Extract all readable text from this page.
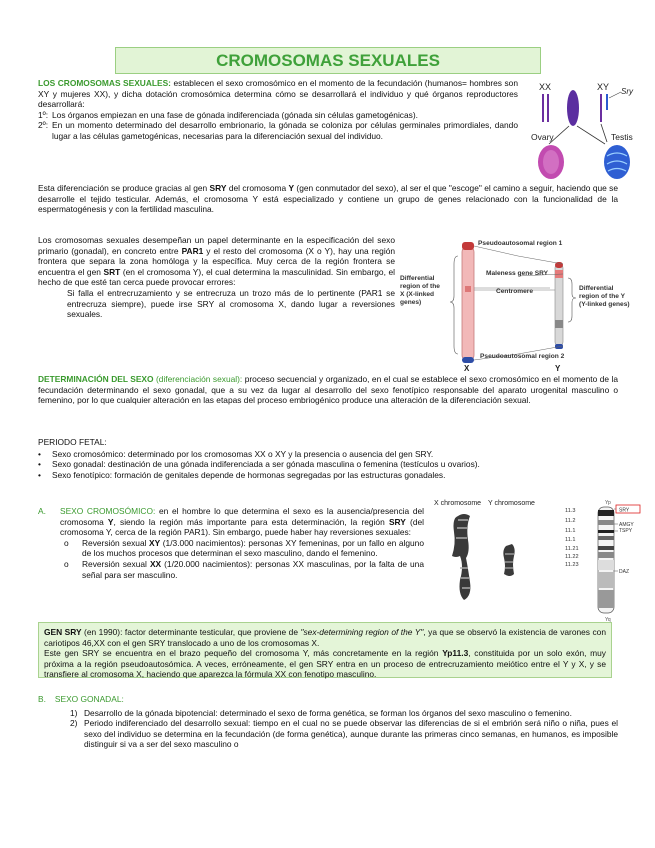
CROMOSOMAS SEXUALES

LOS CROMOSOMAS SEXUALES: establecen el sexo cromosómico en el momento de la fecundación (humanos= hombres son XY y mujeres XX), y dicha dotación cromosómica determina cómo se desarrollará el individuo y qué órganos reproductores desarrollará:

1º: Los órganos empiezan en una fase de gónada indiferenciada (gónada sin células gametogénicas).

2º: En un momento determinado del desarrollo embrionario, la gónada se coloniza por células germinales primordiales, dando lugar a las células gametogénicas, necesarias para la diferenciación sexual del individuo.

Esta diferenciación se produce gracias al gen SRY del cromosoma Y (gen conmutador del sexo), al ser el que "escoge" el camino a seguir, haciendo que se desarrolle el tejido testicular. Además, el cromosoma Y está especializado y contiene un grupo de genes relacionado con la funcionalidad de la espermatogénesis y con la fertilidad masculina.

XX	XY Sry
Ovary	Testis

Los cromosomas sexuales desempeñan un papel determinante en la especificación del sexo primario (gonadal), en concreto entre PAR1 y el resto del cromosoma (X o Y), hay una región frontera que separa la zona homóloga y la específica. Muy cerca de la región frontera se encuentra el gen SRT (en el cromosoma Y), el cual determina la masculinidad. Sin embargo, el hecho de que esté tan cerca puede provocar errores:

Si falla el entrecruzamiento y se entrecruza un trozo más de lo pertinente (PAR1 se entrecruza siempre), puede irse SRY al cromosoma X, dando lugar a reversiones sexuales.

Pseudoautosomal region 1
Maleness gene SRY
Centromere
Differential
region of the
X (X-linked
genes)
Differential
region of the Y
(Y-linked genes)
Pseudoautosomal region 2
X	Y

DETERMINACIÓN DEL SEXO (diferenciación sexual): proceso secuencial y organizado, en el cual se establece el sexo cromosómico en el momento de la fecundación determinando el sexo gonadal, que a su vez da lugar al desarrollo del sexo fenotípico responsable del aparato urogenital masculino o femenino, por lo que cualquier alteración en las etapas del proceso embriogénico produce una alteración de la diferenciación sexual.

PERIODO FETAL:

• Sexo cromosómico: determinado por los cromosomas XX o XY y la presencia o ausencia del gen SRY.

• Sexo gonadal: destinación de una gónada indiferenciada a ser gónada masculina o femenina (testículos u ovarios).

• Sexo fenotípico: formación de genitales depende de hormonas segregadas por las estructuras gonadales.

A. SEXO CROMOSÓMICO: en el hombre lo que determina el sexo es la ausencia/presencia del cromosoma Y, siendo la región más importante para esta determinación, la región SRY (del cromosoma Y, cerca de la región PAR1). Sin embargo, puede haber hay reversiones sexuales:

o Reversión sexual XY (1/3.000 nacimientos): personas XY femeninas, por un fallo en alguno de los muchos procesos que determinan el sexo masculino, dando el femenino.

o Reversión sexual XX (1/20.000 nacimientos): personas XX masculinas, por la falta de una señal para ser masculino.

X chromosome Y chromosome	Yp
11.3
11.2
11.1
11.1
11.21
11.22
11.23
SRY
AMGY
TSPY
DAZ
Yq

GEN SRY (en 1990): factor determinante testicular, que proviene de "sex-determining region of the Y", ya que se observó la existencia de varones con cariotipos 46,XX con el gen SRY translocado a uno de los cromosomas X.

Este gen SRY se encuentra en el brazo pequeño del cromosoma Y, más concretamente en la región Yp11.3, constituida por un solo exón, muy próxima a la región pseudoautosómica. A veces, erróneamente, el gen SRY entra en un proceso de entrecruzamiento meiótico entre el Y y X, y se transfiere al cromosoma X, haciendo que aparezca la fórmula XX con fenotipo masculino.

B. SEXO GONADAL:

1) Desarrollo de la gónada bipotencial: determinado el sexo de forma genética, se forman los órganos del sexo masculino o femenino.

2) Periodo indiferenciado del desarrollo sexual: tiempo en el cual no se puede observar las diferencias de si el embrión será niño o niña, pues el sexo del individuo se determina en la fecundación (de forma genética), aunque durante las primeras cinco semanas, en humanos, es imposible distinguir si va a ser del sexo masculino o
